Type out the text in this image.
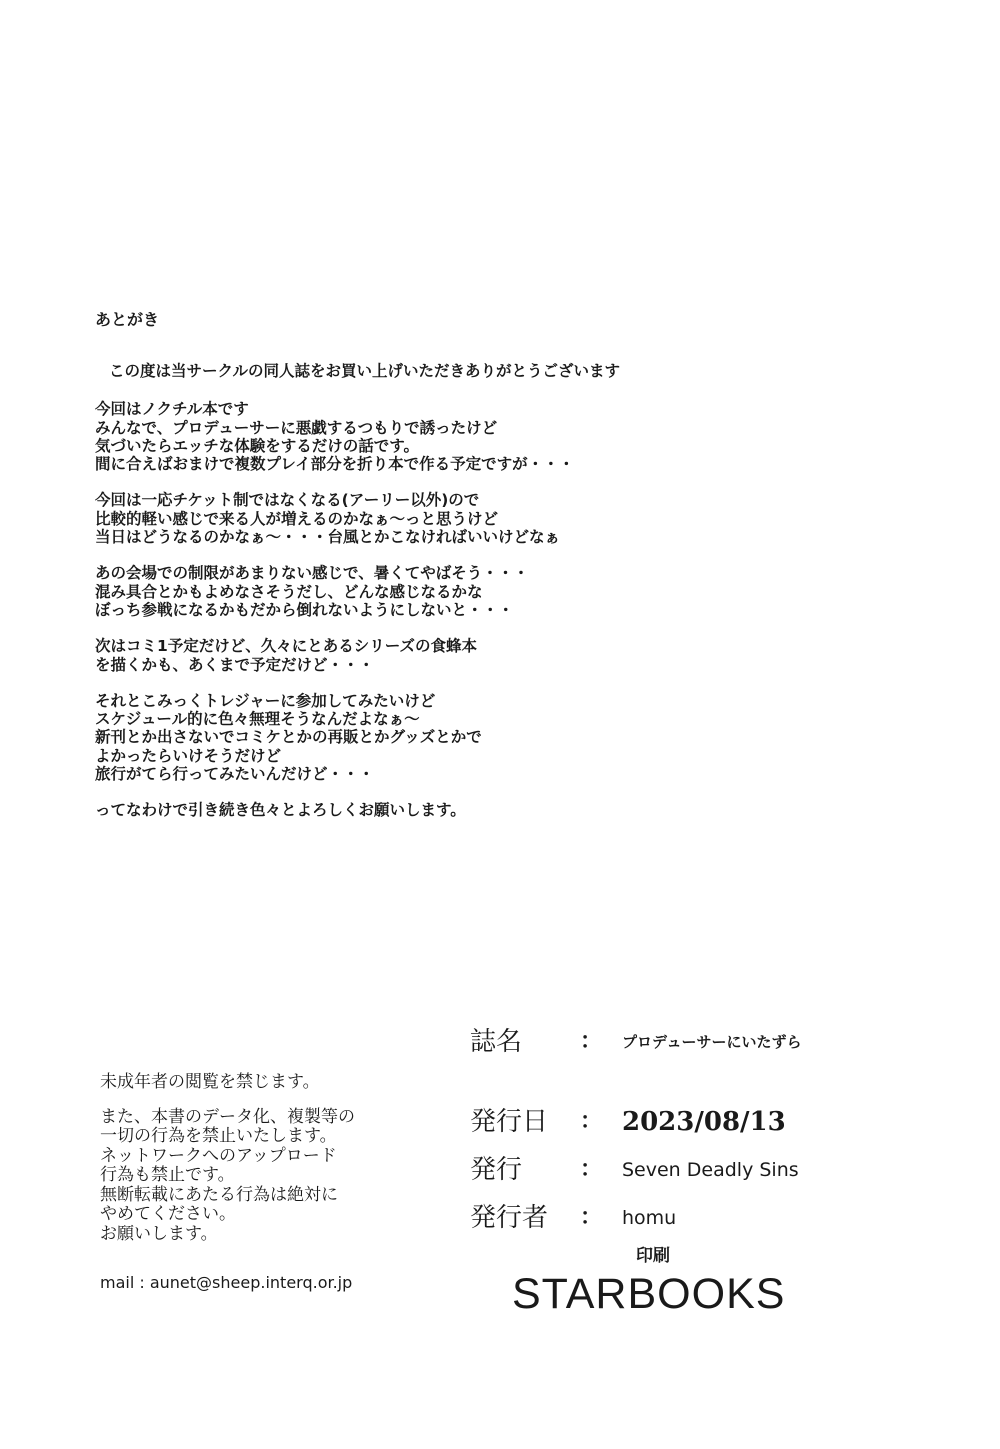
あとがき
この度は当サークルの同人誌をお買い上げいただきありがとうございます
今回はノクチル本です
みんなで、プロデューサーに悪戯するつもりで誘ったけど
気づいたらエッチな体験をするだけの話です。
間に合えばおまけで複数プレイ部分を折り本で作る予定ですが・・・
今回は一応チケット制ではなくなる(アーリー以外)ので
比較的軽い感じで来る人が増えるのかなぁ～っと思うけど
当日はどうなるのかなぁ～・・・台風とかこなければいいけどなぁ
あの会場での制限があまりない感じで、暑くてやばそう・・・
混み具合とかもよめなさそうだし、どんな感じなるかな
ぼっち参戦になるかもだから倒れないようにしないと・・・
次はコミ1予定だけど、久々にとあるシリーズの食蜂本
を描くかも、あくまで予定だけど・・・
それとこみっくトレジャーに参加してみたいけど
スケジュール的に色々無理そうなんだよなぁ～
新刊とか出さないでコミケとかの再販とかグッズとかで
よかったらいけそうだけど
旅行がてら行ってみたいんだけど・・・
ってなわけで引き続き色々とよろしくお願いします。
未成年者の閲覧を禁じます。
また、本書のデータ化、複製等の
一切の行為を禁止いたします。
ネットワークへのアップロード
行為も禁止です。
無断転載にあたる行為は絶対に
やめてください。
お願いします。
mail : aunet@sheep.interq.or.jp
誌名	： プロデューサーにいたずら
発行日 ： 2023/08/13
発行	： Seven Deadly Sins
発行者 ： homu
印刷
STARBOOKS
